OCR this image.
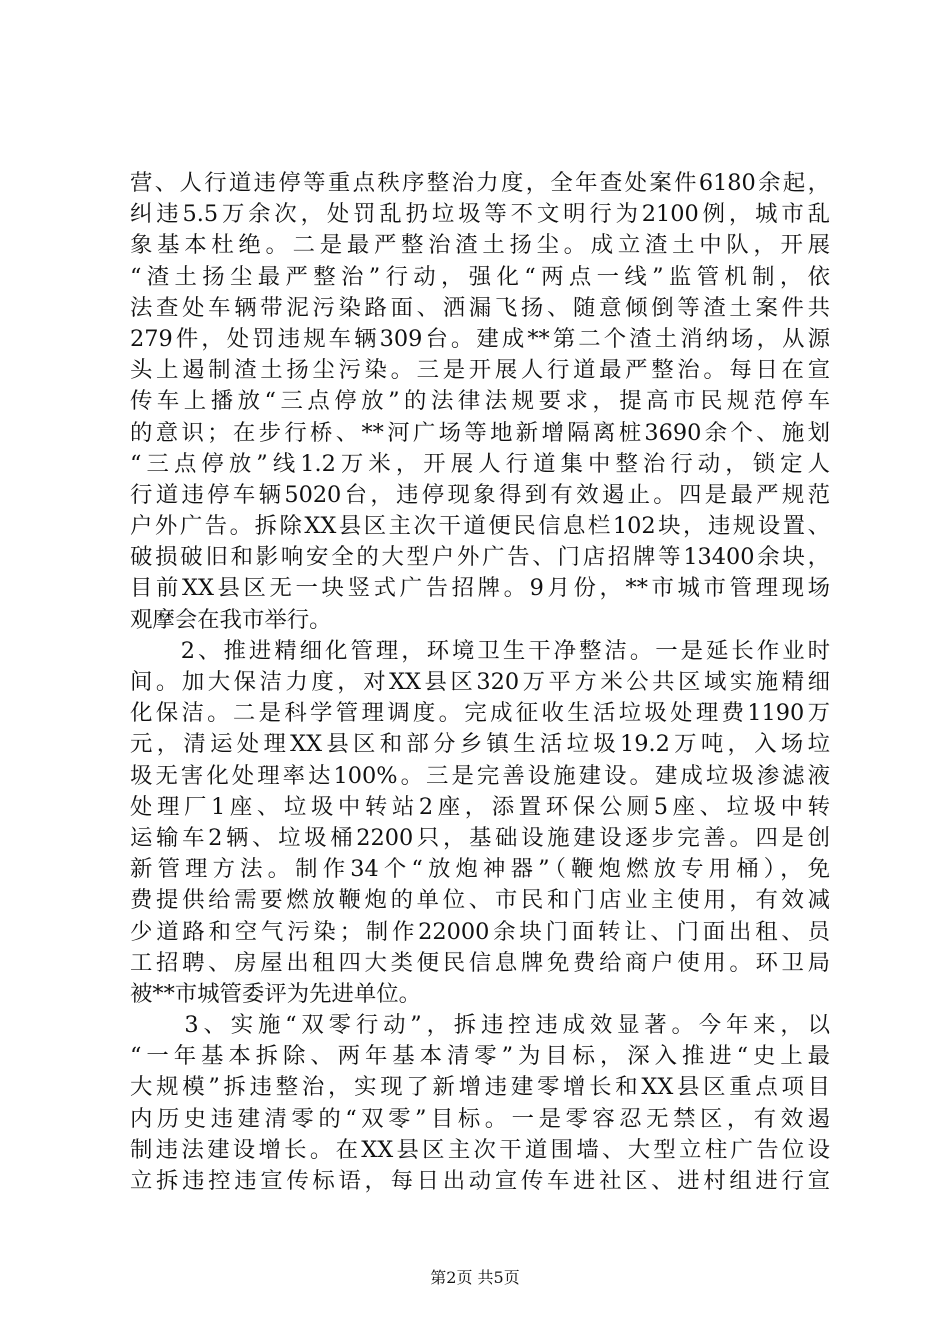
营、人行道违停等重点秩序整治力度，全年查处案件6180余起，
纠违5.5万余次，处罚乱扔垃圾等不文明行为2100例，城市乱
象基本杜绝。二是最严整治渣土扬尘。成立渣土中队，开展
“渣土扬尘最严整治”行动，强化“两点一线”监管机制，依
法查处车辆带泥污染路面、洒漏飞扬、随意倾倒等渣土案件共
279件，处罚违规车辆309台。建成**第二个渣土消纳场，从源
头上遏制渣土扬尘污染。三是开展人行道最严整治。每日在宣
传车上播放“三点停放”的法律法规要求，提高市民规范停车
的意识；在步行桥、**河广场等地新增隔离桩3690余个、施划
“三点停放”线1.2万米，开展人行道集中整治行动，锁定人
行道违停车辆5020台，违停现象得到有效遏止。四是最严规范
户外广告。拆除XX县区主次干道便民信息栏102块，违规设置、
破损破旧和影响安全的大型户外广告、门店招牌等13400余块，
目前XX县区无一块竖式广告招牌。9月份，**市城市管理现场
观摩会在我市举行。
　　2、推进精细化管理，环境卫生干净整洁。一是延长作业时
间。加大保洁力度，对XX县区320万平方米公共区域实施精细
化保洁。二是科学管理调度。完成征收生活垃圾处理费1190万
元，清运处理XX县区和部分乡镇生活垃圾19.2万吨，入场垃
圾无害化处理率达100%。三是完善设施建设。建成垃圾渗滤液
处理厂1座、垃圾中转站2座，添置环保公厕5座、垃圾中转
运输车2辆、垃圾桶2200只，基础设施建设逐步完善。四是创
新管理方法。制作34个“放炮神器”（鞭炮燃放专用桶），免
费提供给需要燃放鞭炮的单位、市民和门店业主使用，有效减
少道路和空气污染；制作22000余块门面转让、门面出租、员
工招聘、房屋出租四大类便民信息牌免费给商户使用。环卫局
被**市城管委评为先进单位。
　　3、实施“双零行动”，拆违控违成效显著。今年来，以
“一年基本拆除、两年基本清零”为目标，深入推进“史上最
大规模”拆违整治，实现了新增违建零增长和XX县区重点项目
内历史违建清零的“双零”目标。一是零容忍无禁区，有效遏
制违法建设增长。在XX县区主次干道围墙、大型立柱广告位设
立拆违控违宣传标语，每日出动宣传车进社区、进村组进行宣
第2页 共5页
